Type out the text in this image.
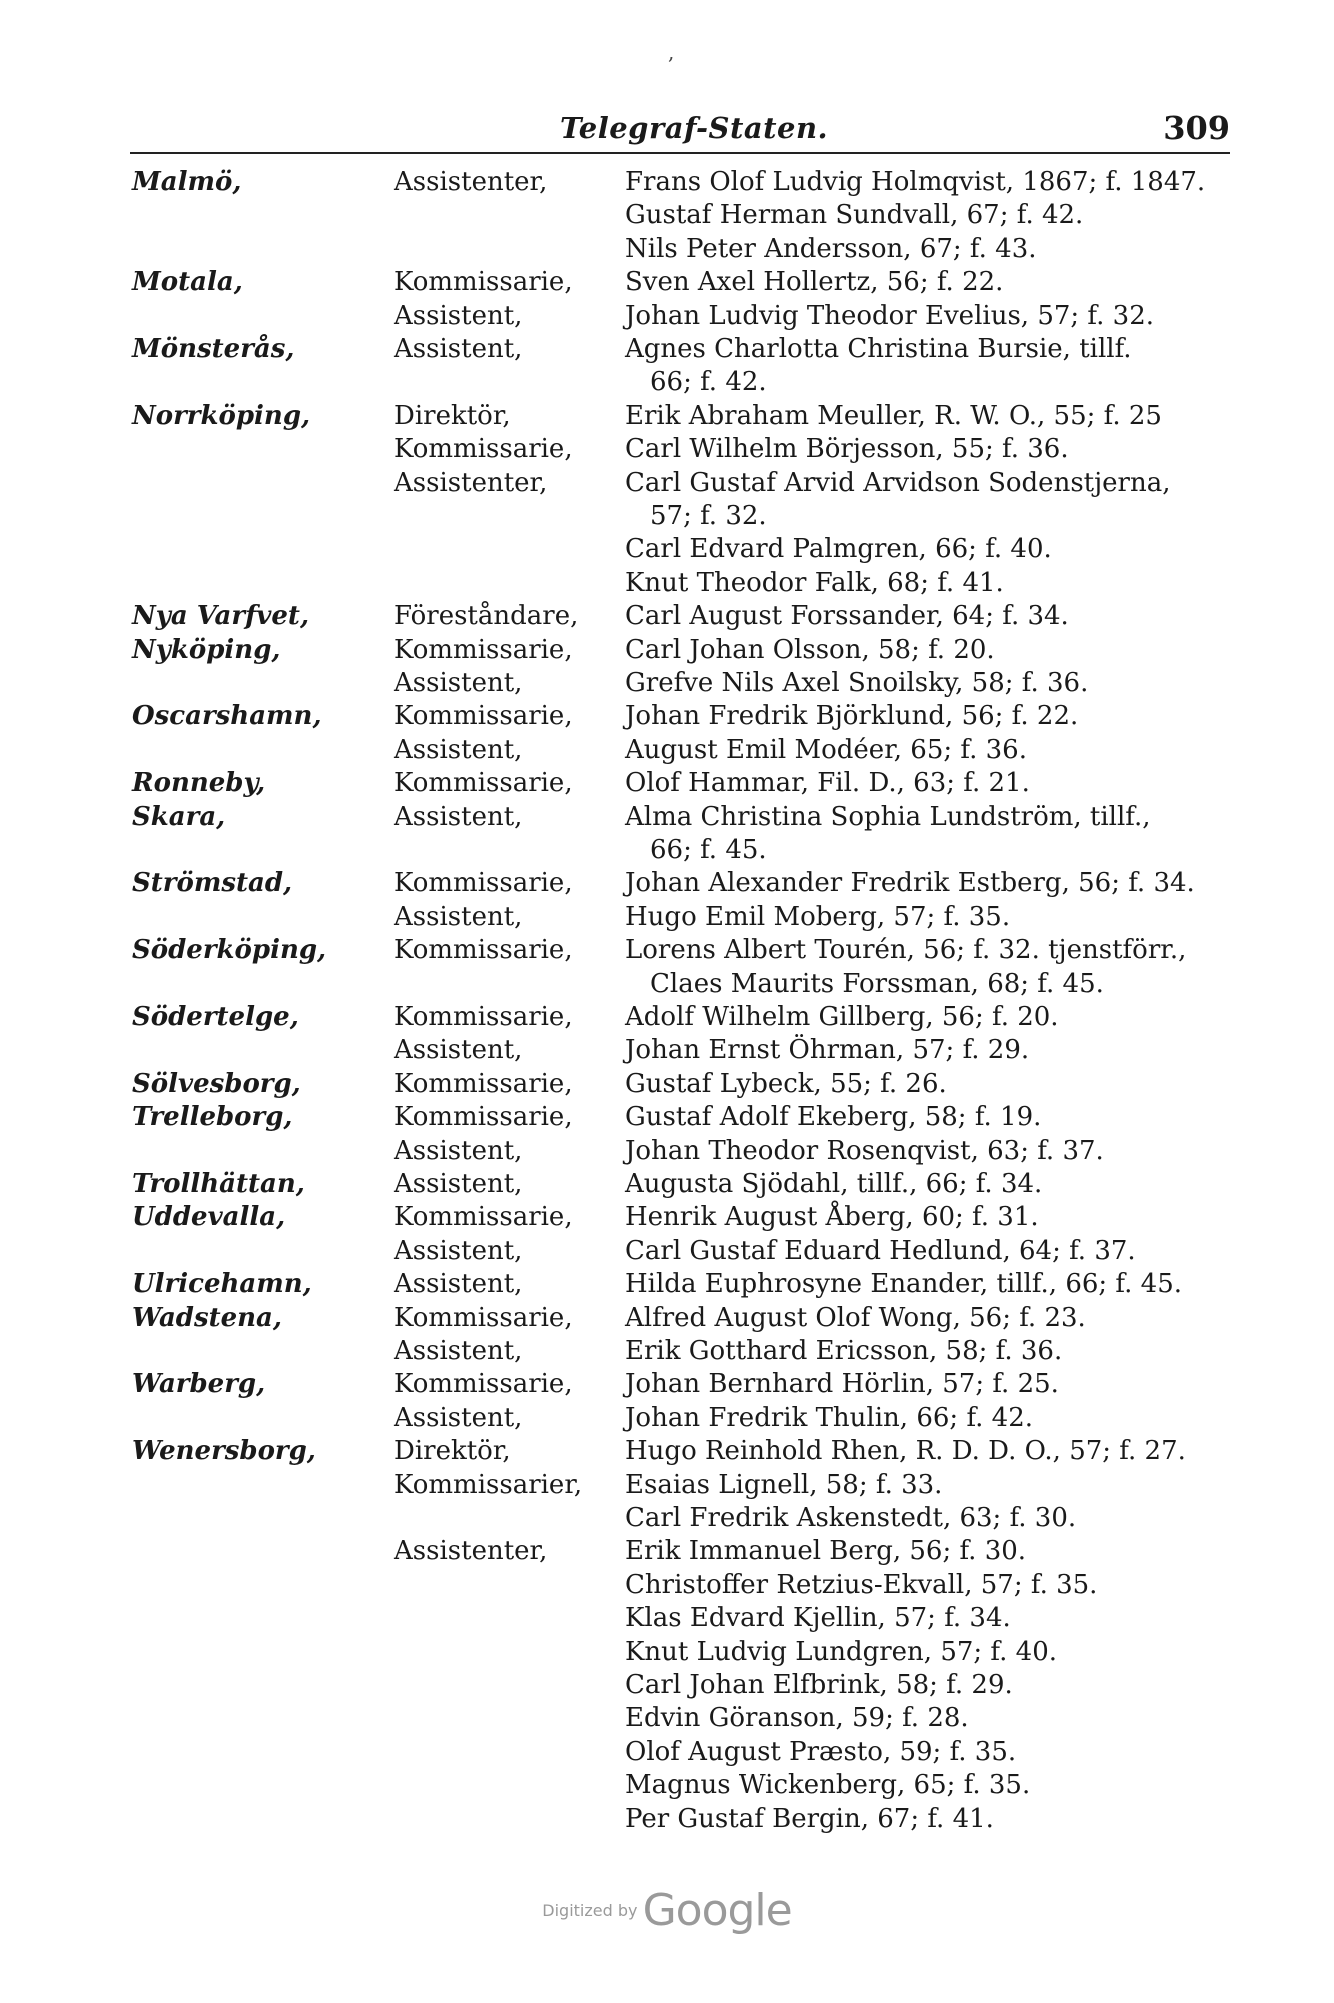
,
Telegraf-Staten.	309
Malmö,	Assistenter,	Frans Olof Ludvig Holmqvist, 1867; f. 1847.
Gustaf Herman Sundvall, 67; f. 42.
Nils Peter Andersson, 67; f. 43.
Motala,	Kommissarie, Sven Axel Hollertz, 56; f. 22.
Assistent,	Johan Ludvig Theodor Evelius, 57; f. 32.
Mönsterås,	Assistent,	Agnes Charlotta Christina Bursie, tillf.
66; f. 42.
Norrköping,	Direktör,	Erik Abraham Meuller, R. W. O., 55; f. 25
Kommissarie, Carl Wilhelm Börjesson, 55; f. 36.
Assistenter,	Carl Gustaf Arvid Arvidson Sodenstjerna,
57; f. 32.
Carl Edvard Palmgren, 66; f. 40.
Knut Theodor Falk, 68; f. 41.
Nya Varfvet,	Föreståndare, Carl August Forssander, 64; f. 34.
Nyköping,	Kommissarie, Carl Johan Olsson, 58; f. 20.
Assistent,	Grefve Nils Axel Snoilsky, 58; f. 36.
Oscarshamn,	Kommissarie, Johan Fredrik Björklund, 56; f. 22.
Assistent,	August Emil Modéer, 65; f. 36.
Ronneby,	Kommissarie, Olof Hammar, Fil. D., 63; f. 21.
Skara,	Assistent,	Alma Christina Sophia Lundström, tillf.,
66; f. 45.
Strömstad,	Kommissarie, Johan Alexander Fredrik Estberg, 56; f. 34.
Assistent,	Hugo Emil Moberg, 57; f. 35.
Söderköping,	Kommissarie, Lorens Albert Tourén, 56; f. 32. tjenstförr.,
Claes Maurits Forssman, 68; f. 45.
Södertelge,	Kommissarie, Adolf Wilhelm Gillberg, 56; f. 20.
Assistent,	Johan Ernst Öhrman, 57; f. 29.
Sölvesborg,	Kommissarie, Gustaf Lybeck, 55; f. 26.
Trelleborg,	Kommissarie, Gustaf Adolf Ekeberg, 58; f. 19.
Assistent,	Johan Theodor Rosenqvist, 63; f. 37.
Trollhättan,	Assistent,	Augusta Sjödahl, tillf., 66; f. 34.
Uddevalla,	Kommissarie, Henrik August Åberg, 60; f. 31.
Assistent,	Carl Gustaf Eduard Hedlund, 64; f. 37.
Ulricehamn,	Assistent,	Hilda Euphrosyne Enander, tillf., 66; f. 45.
Wadstena,	Kommissarie, Alfred August Olof Wong, 56; f. 23.
Assistent,	Erik Gotthard Ericsson, 58; f. 36.
Warberg,	Kommissarie, Johan Bernhard Hörlin, 57; f. 25.
Assistent,	Johan Fredrik Thulin, 66; f. 42.
Wenersborg,	Direktör,	Hugo Reinhold Rhen, R. D. D. O., 57; f. 27.
Kommissarier, Esaias Lignell, 58; f. 33.
Carl Fredrik Askenstedt, 63; f. 30.
Assistenter,	Erik Immanuel Berg, 56; f. 30.
Christoffer Retzius-Ekvall, 57; f. 35.
Klas Edvard Kjellin, 57; f. 34.
Knut Ludvig Lundgren, 57; f. 40.
Carl Johan Elfbrink, 58; f. 29.
Edvin Göranson, 59; f. 28.
Olof August Præsto, 59; f. 35.
Magnus Wickenberg, 65; f. 35.
Per Gustaf Bergin, 67; f. 41.
Digitized by Google
